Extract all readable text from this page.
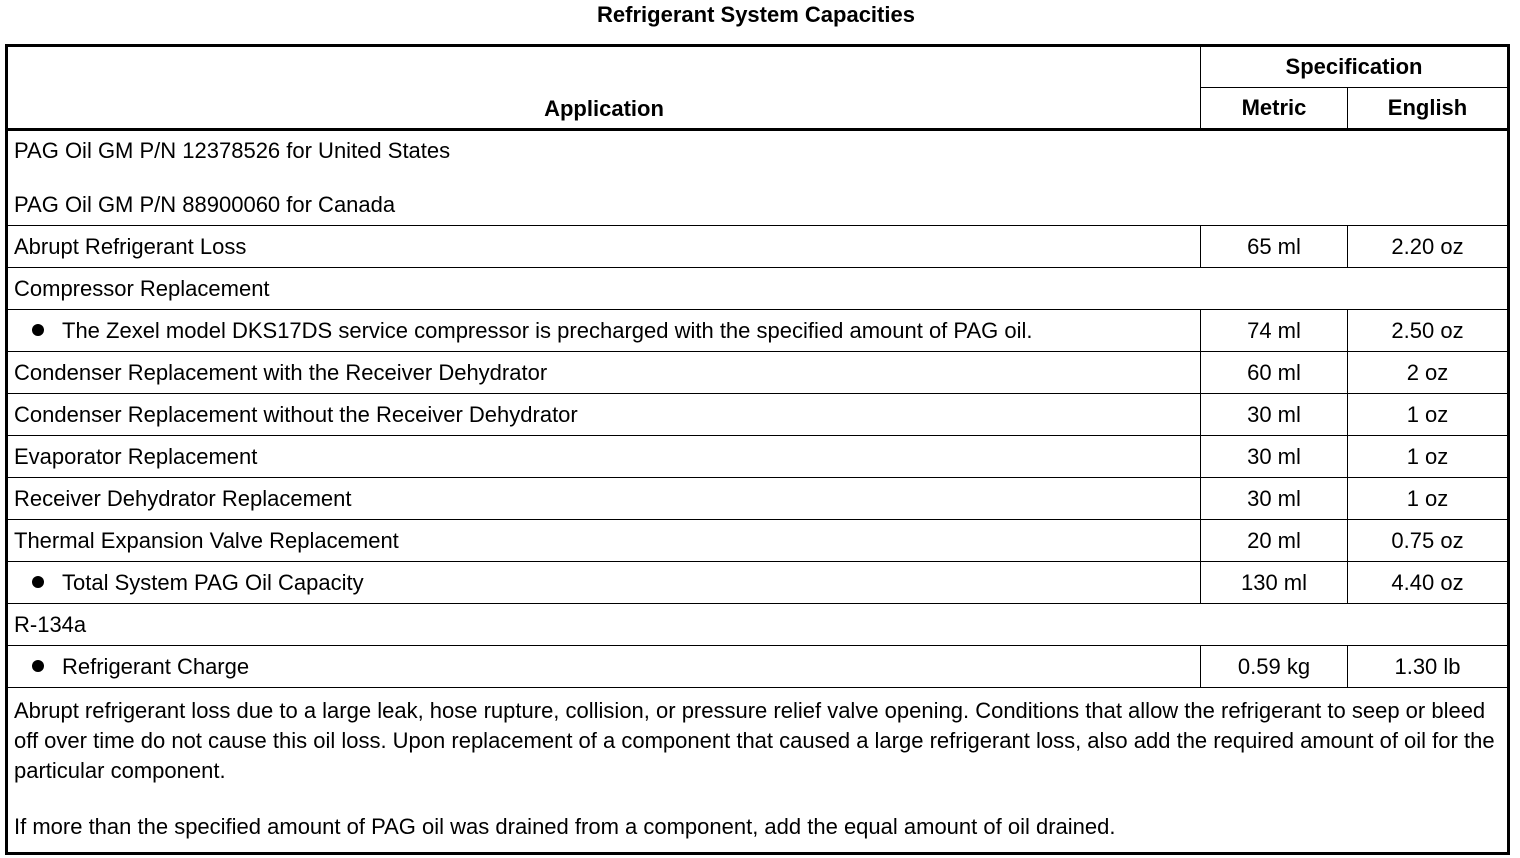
Refrigerant System Capacities
Application	Specification	
	Metric	English

PAG Oil GM P/N 12378526 for United States
PAG Oil GM P/N 88900060 for Canada		

Abrupt Refrigerant Loss	65 ml	2.20 oz

Compressor Replacement		

The Zexel model DKS17DS service compressor is precharged with the specified amount of PAG oil.	74 ml	2.50 oz
Condenser Replacement with the Receiver Dehydrator	60 ml	2 oz
Condenser Replacement without the Receiver Dehydrator	30 ml	1 oz
Evaporator Replacement	30 ml	1 oz
Receiver Dehydrator Replacement	30 ml	1 oz
Thermal Expansion Valve Replacement	20 ml	0.75 oz
Total System PAG Oil Capacity	130 ml	4.40 oz

R-134a		

Refrigerant Charge	0.59 kg	1.30 lb

Abrupt refrigerant loss due to a large leak, hose rupture, collision, or pressure relief valve opening. Conditions that allow the refrigerant to seep or bleed off over time do not cause this oil loss. Upon replacement of a component that caused a large refrigerant loss, also add the required amount of oil for the particular component.

If more than the specified amount of PAG oil was drained from a component, add the equal amount of oil drained.		
